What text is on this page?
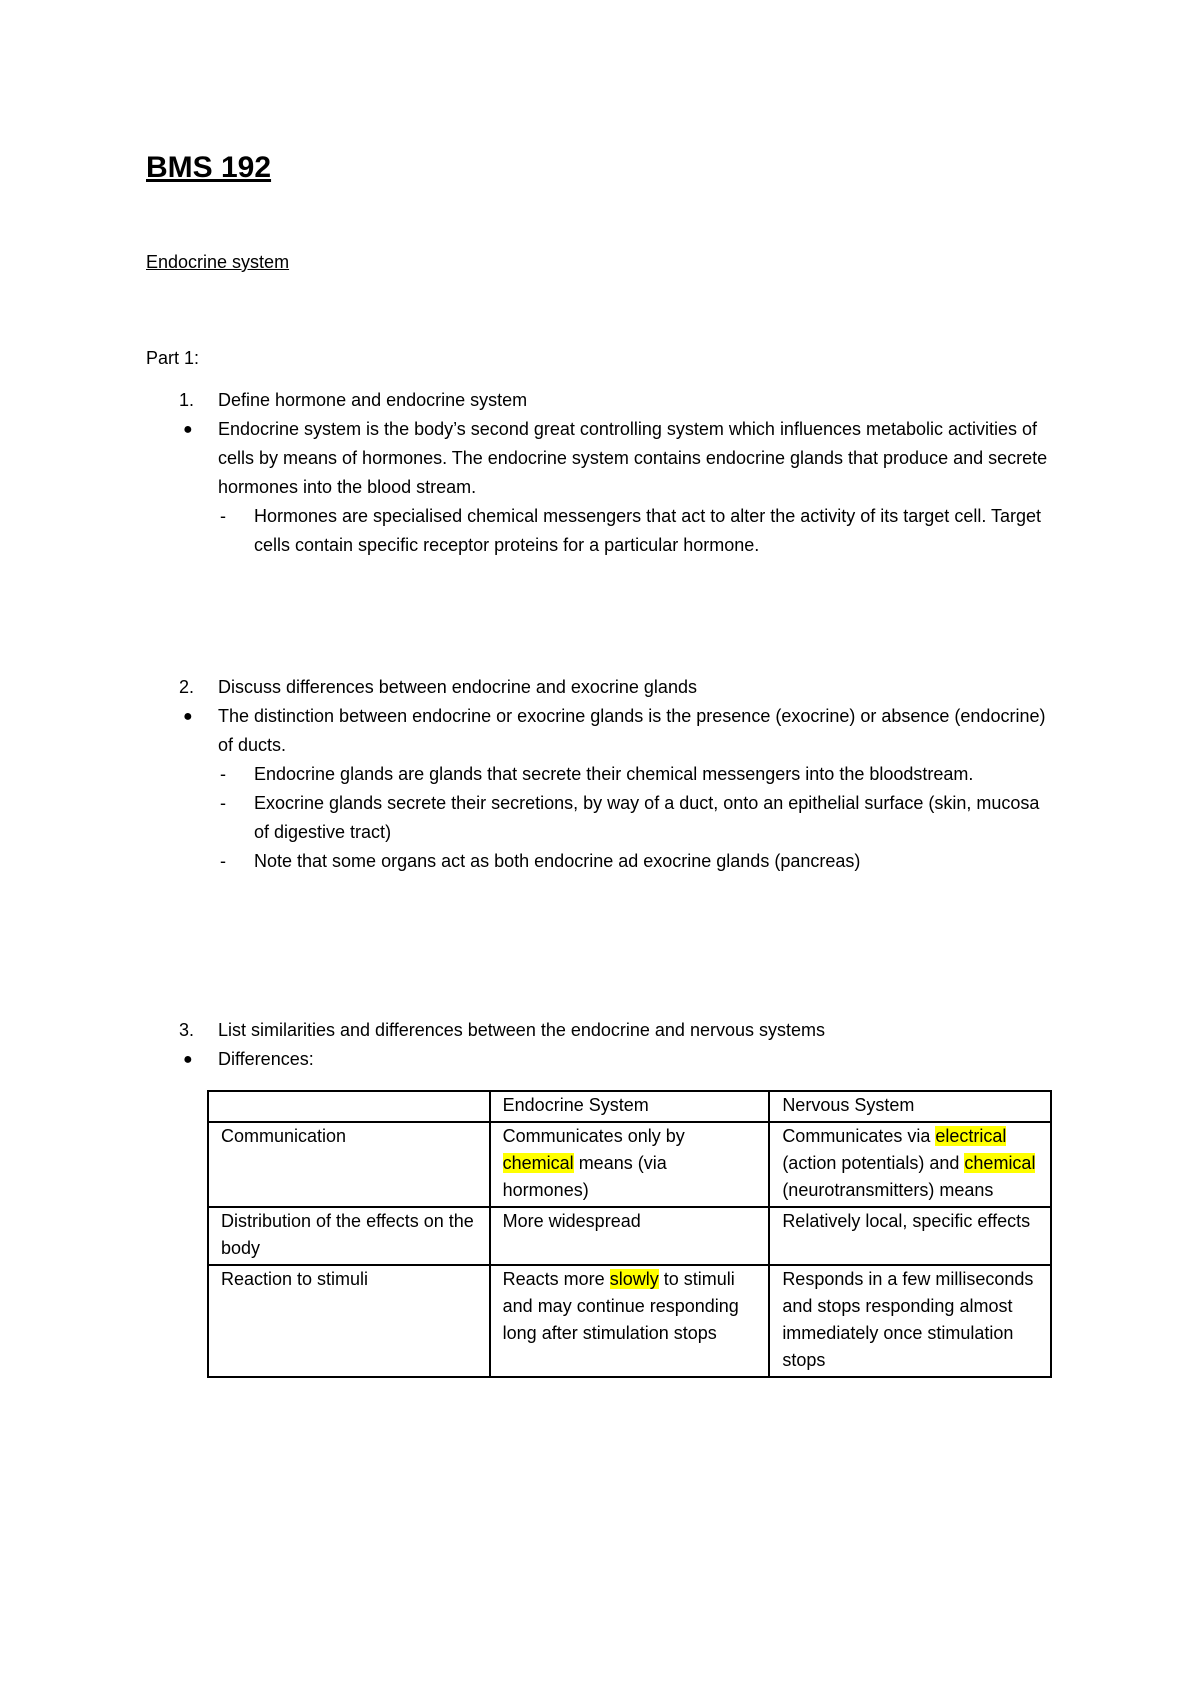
BMS 192

Endocrine system

Part 1:

1. Define hormone and endocrine system
● Endocrine system is the body’s second great controlling system which influences metabolic activities of cells by means of hormones. The endocrine system contains endocrine glands that produce and secrete hormones into the blood stream.
- Hormones are specialised chemical messengers that act to alter the activity of its target cell. Target cells contain specific receptor proteins for a particular hormone.
2. Discuss differences between endocrine and exocrine glands
● The distinction between endocrine or exocrine glands is the presence (exocrine) or absence (endocrine) of ducts.
- Endocrine glands are glands that secrete their chemical messengers into the bloodstream.
- Exocrine glands secrete their secretions, by way of a duct, onto an epithelial surface (skin, mucosa of digestive tract)
- Note that some organs act as both endocrine ad exocrine glands (pancreas)
3. List similarities and differences between the endocrine and nervous systems
● Differences:
	Endocrine System	Nervous System
Communication	Communicates only by chemical means (via hormones)	Communicates via electrical (action potentials) and chemical (neurotransmitters) means
Distribution of the effects on the body	More widespread	Relatively local, specific effects
Reaction to stimuli	Reacts more slowly to stimuli and may continue responding long after stimulation stops	Responds in a few milliseconds and stops responding almost immediately once stimulation stops
